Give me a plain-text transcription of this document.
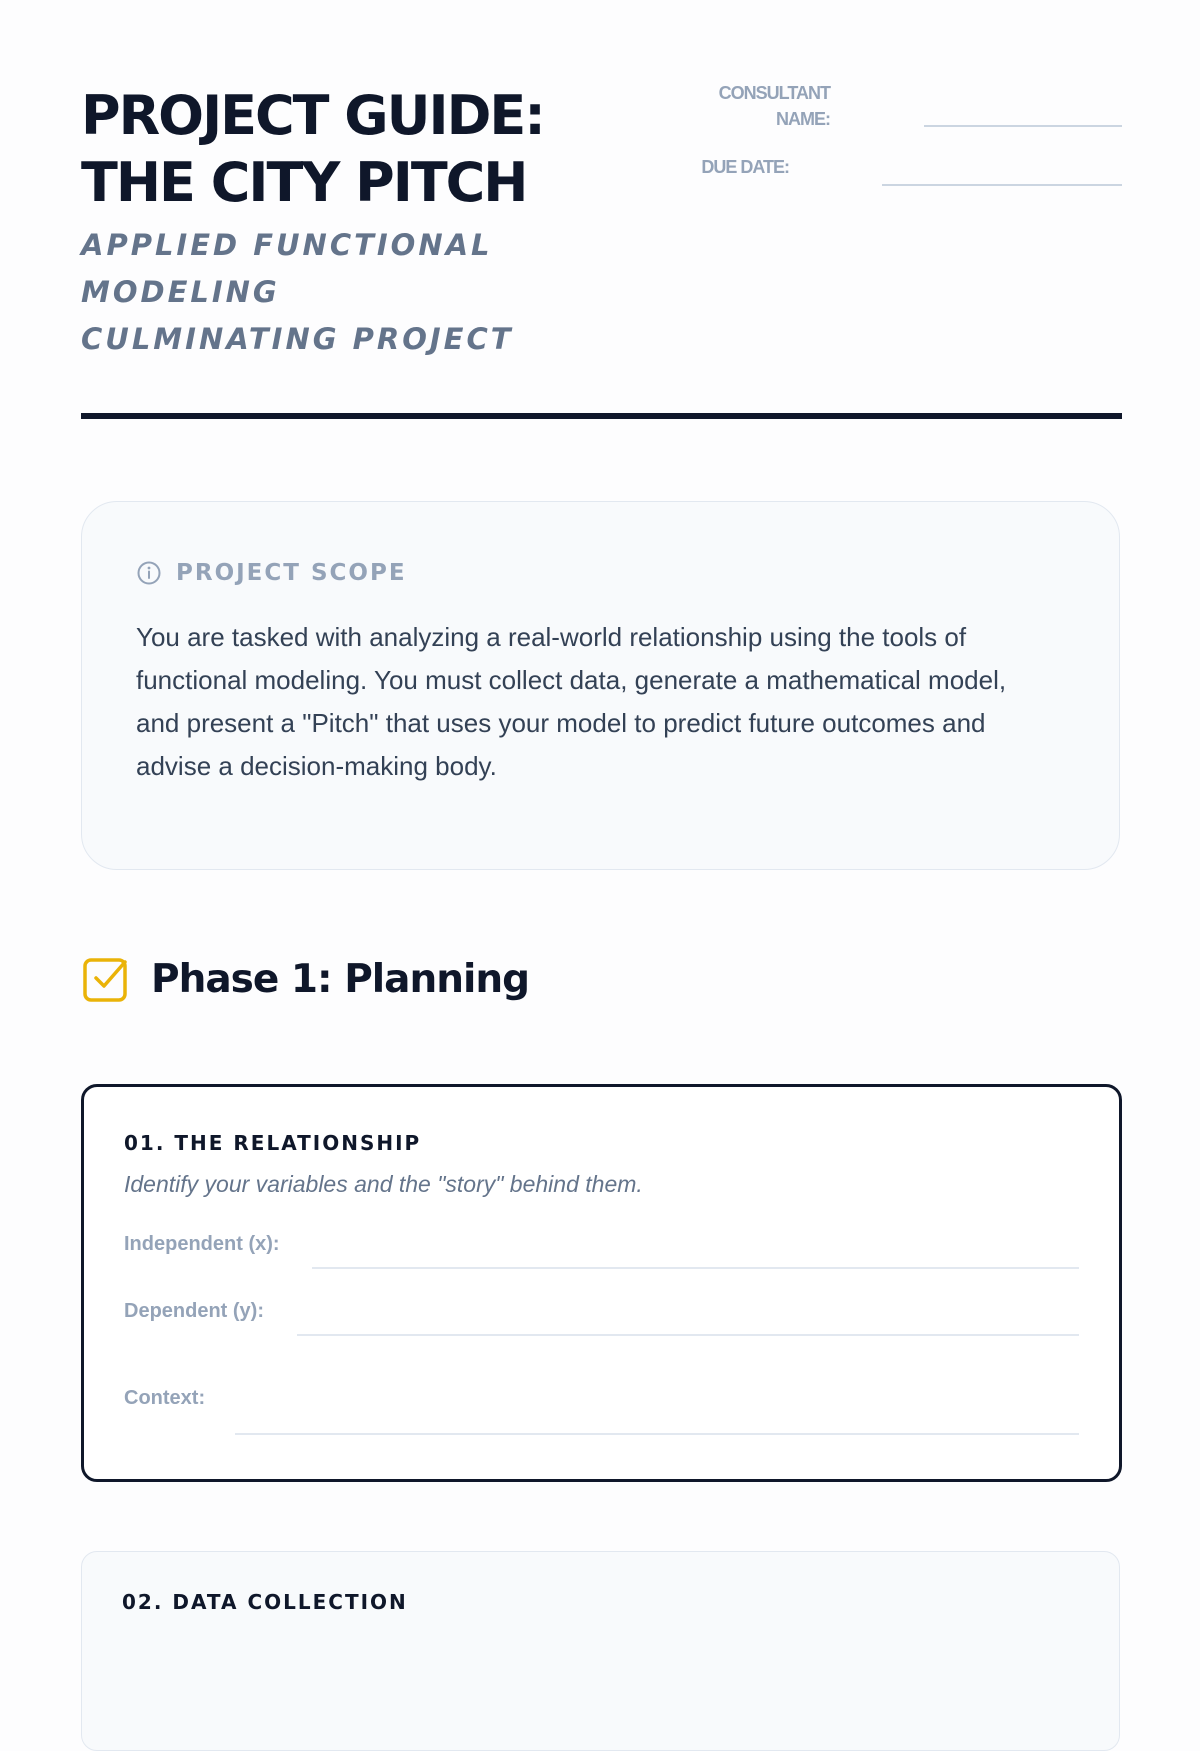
PROJECT GUIDE:
THE CITY PITCH

APPLIED FUNCTIONAL MODELING CULMINATING PROJECT

CONSULTANT NAME:
DUE DATE:
PROJECT SCOPE

You are tasked with analyzing a real-world relationship using the tools of functional modeling. You must collect data, generate a mathematical model, and present a "Pitch" that uses your model to predict future outcomes and advise a decision-making body.

Phase 1: Planning
01. THE RELATIONSHIP

Identify your variables and the "story" behind them.

Independent (x):
Dependent (y):
Context:
02. DATA COLLECTION
